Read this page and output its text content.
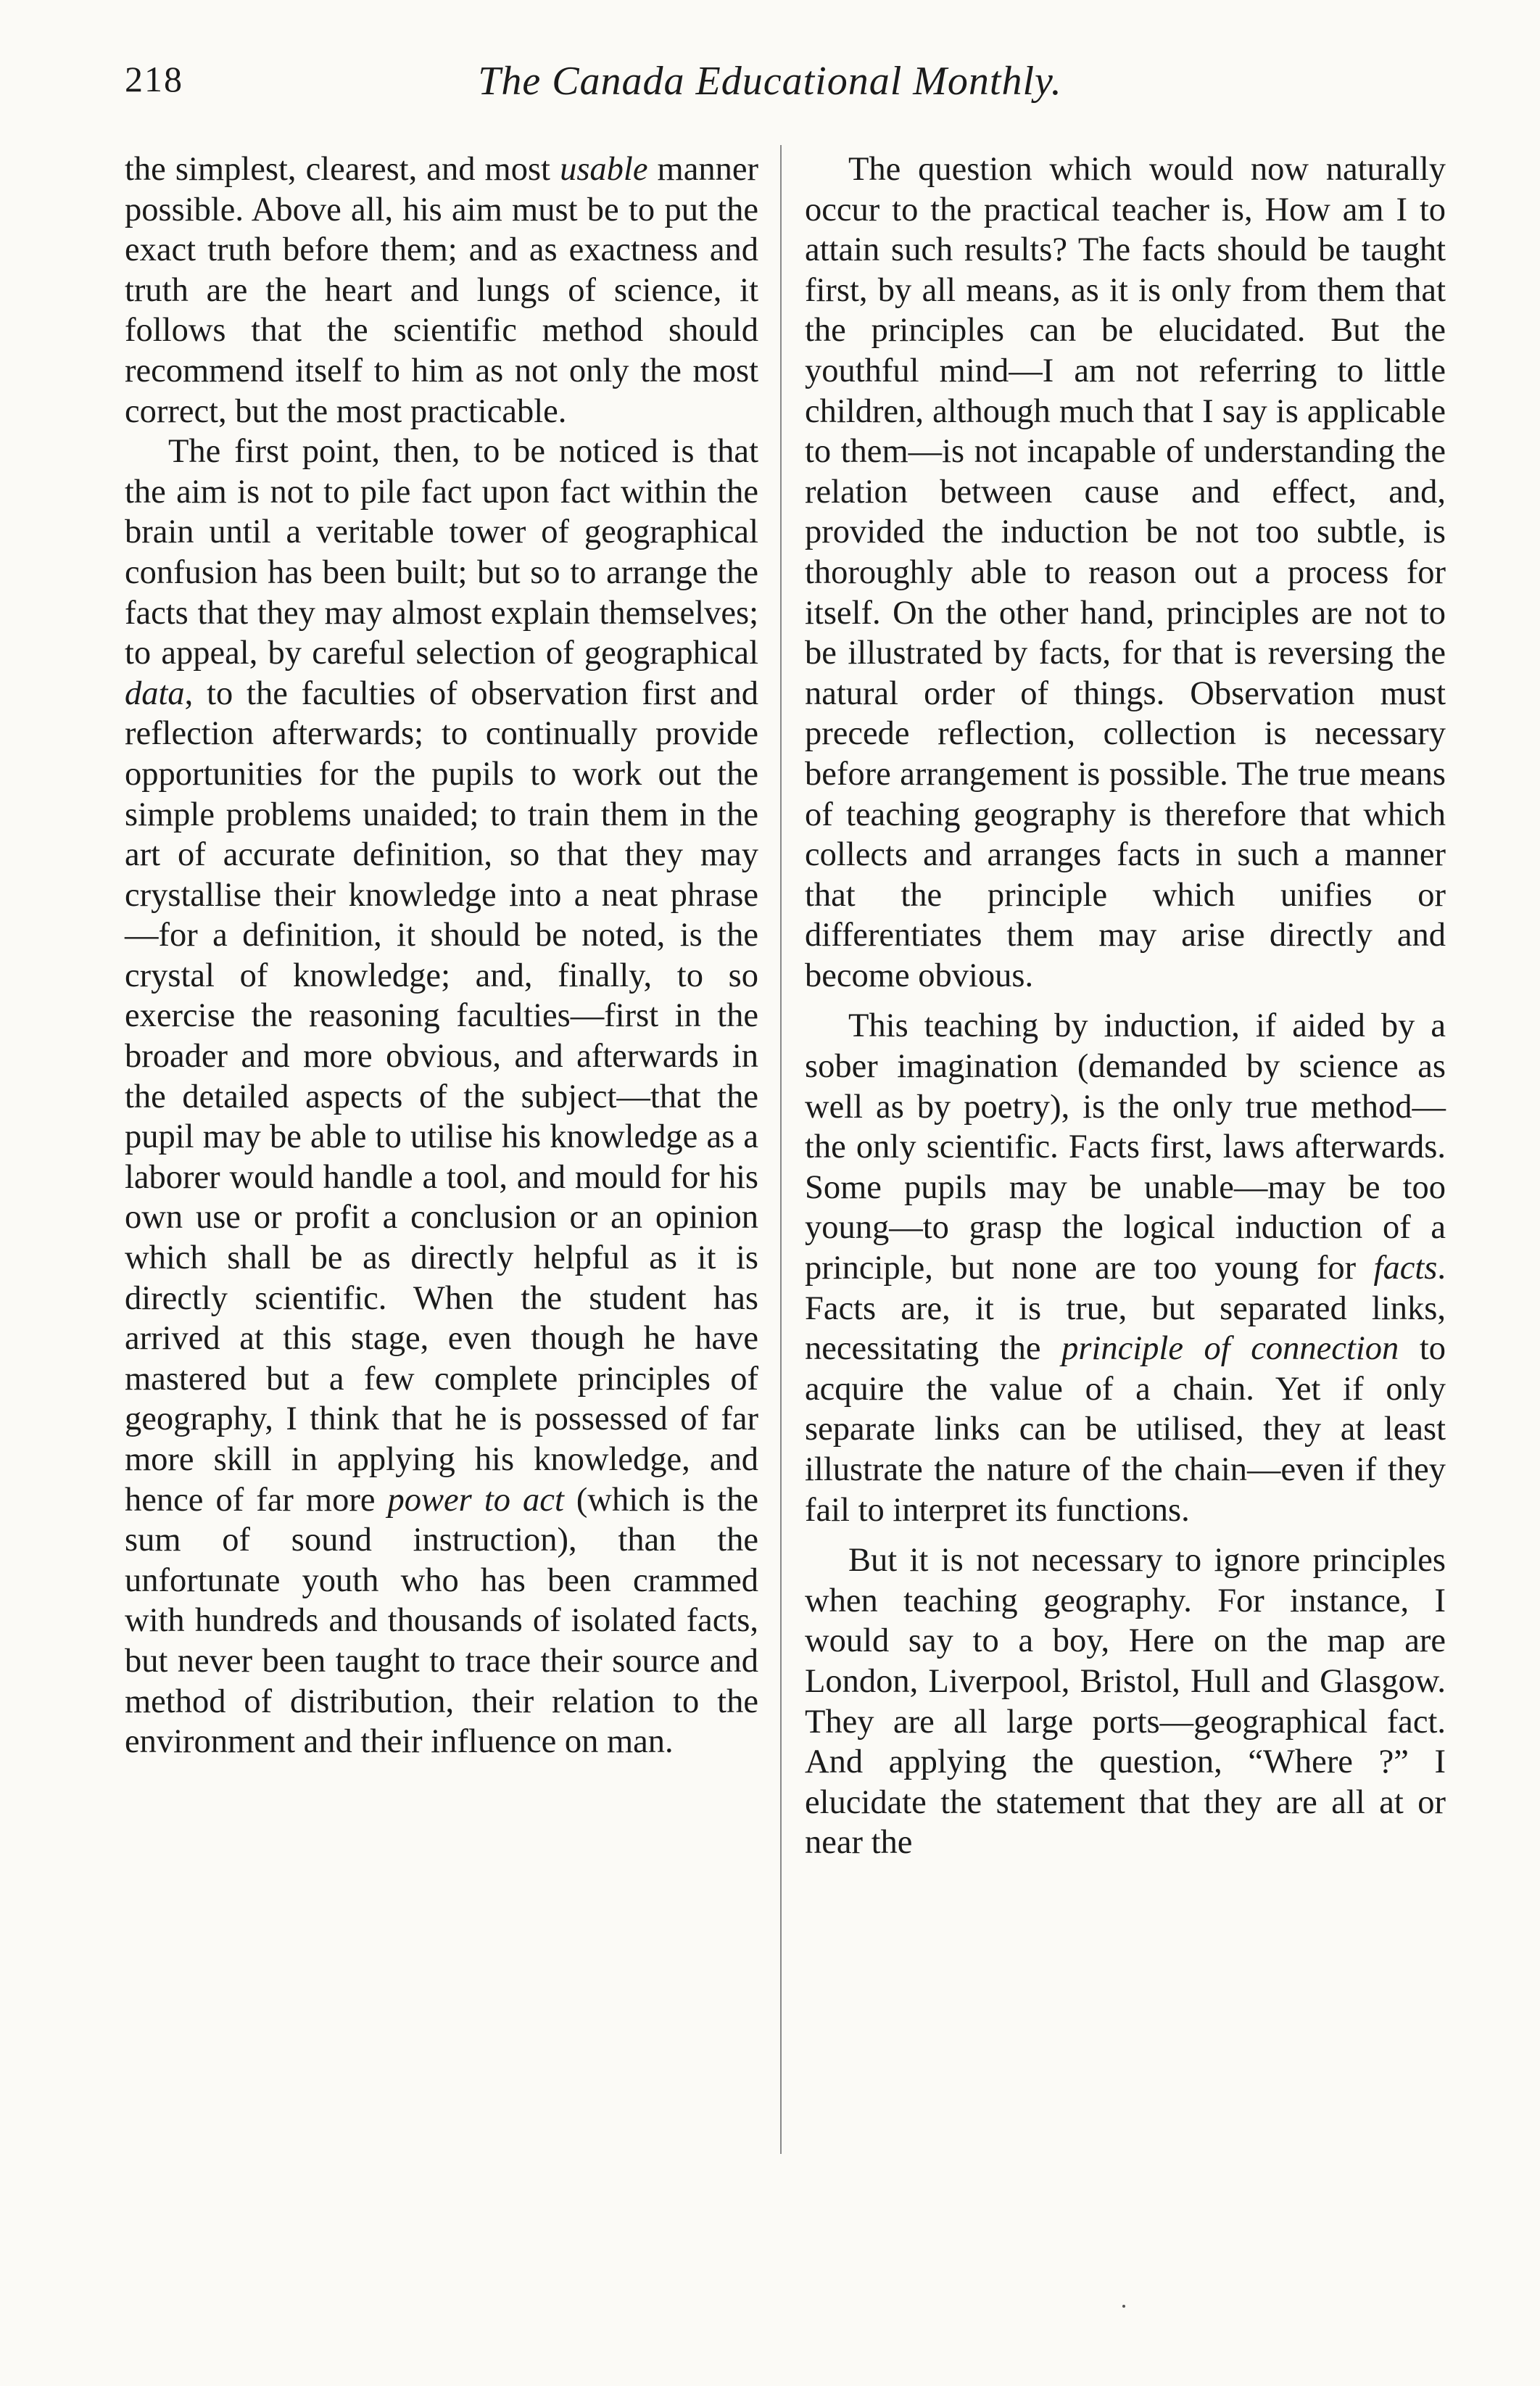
218	The Canada Educational Monthly.

the simplest, clearest, and most usable manner possible. Above all, his aim must be to put the exact truth before them; and as exactness and truth are the heart and lungs of science, it follows that the scientific method should recommend itself to him as not only the most correct, but the most practicable.

The first point, then, to be noticed is that the aim is not to pile fact upon fact within the brain until a veritable tower of geographical confusion has been built; but so to arrange the facts that they may almost explain themselves; to appeal, by careful selection of geographical data, to the faculties of observation first and reflection afterwards; to continually provide opportunities for the pupils to work out the simple problems unaided; to train them in the art of accurate definition, so that they may crystallise their knowledge into a neat phrase—for a definition, it should be noted, is the crystal of knowledge; and, finally, to so exercise the reasoning faculties—first in the broader and more obvious, and afterwards in the detailed aspects of the subject—that the pupil may be able to utilise his knowledge as a laborer would handle a tool, and mould for his own use or profit a conclusion or an opinion which shall be as directly helpful as it is directly scientific. When the student has arrived at this stage, even though he have mastered but a few complete principles of geography, I think that he is possessed of far more skill in applying his knowledge, and hence of far more power to act (which is the sum of sound instruction), than the unfortunate youth who has been crammed with hundreds and thousands of isolated facts, but never been taught to trace their source and method of distribution, their relation to the environment and their influence on man.

The question which would now naturally occur to the practical teacher is, How am I to attain such results? The facts should be taught first, by all means, as it is only from them that the principles can be elucidated. But the youthful mind—I am not referring to little children, although much that I say is applicable to them—is not incapable of understanding the relation between cause and effect, and, provided the induction be not too subtle, is thoroughly able to reason out a process for itself. On the other hand, principles are not to be illustrated by facts, for that is reversing the natural order of things. Observation must precede reflection, collection is necessary before arrangement is possible. The true means of teaching geography is therefore that which collects and arranges facts in such a manner that the principle which unifies or differentiates them may arise directly and become obvious.

This teaching by induction, if aided by a sober imagination (demanded by science as well as by poetry), is the only true method—the only scientific. Facts first, laws afterwards. Some pupils may be unable—may be too young—to grasp the logical induction of a principle, but none are too young for facts. Facts are, it is true, but separated links, necessitating the principle of connection to acquire the value of a chain. Yet if only separate links can be utilised, they at least illustrate the nature of the chain—even if they fail to interpret its functions.

But it is not necessary to ignore principles when teaching geography. For instance, I would say to a boy, Here on the map are London, Liverpool, Bristol, Hull and Glasgow. They are all large ports—geographical fact. And applying the question, “Where ?” I elucidate the statement that they are all at or near the
